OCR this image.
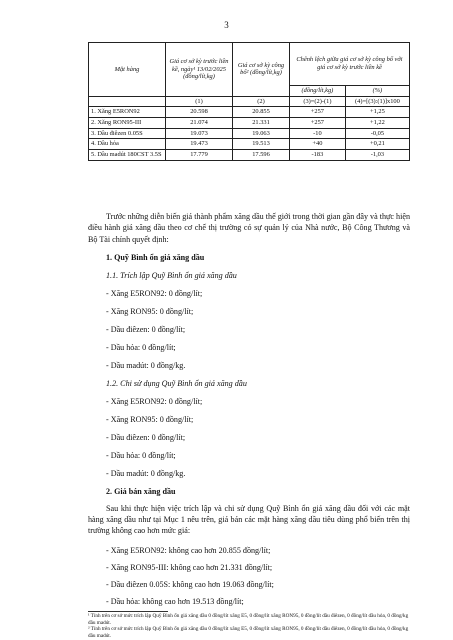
3
Mặt hàng	Giá cơ sở kỳ trước liền kề, ngày¹ 13/02/2025 (đồng/lít,kg)	Giá cơ sở kỳ công bố² (đồng/lít,kg)	Chênh lệch giữa giá cơ sở kỳ công bố với giá cơ sở kỳ trước liền kề	
			(đồng/lít,kg)	(%)
	(1)	(2)	(3)=(2)-(1)	(4)=[(3):(1)]x100
1. Xăng E5RON92	20.598	20.855	+257	+1,25
2. Xăng RON95-III	21.074	21.331	+257	+1,22
3. Dầu điêzen 0.05S	19.073	19.063	-10	-0,05
4. Dầu hỏa	19.473	19.513	+40	+0,21
5. Dầu madút 180CST 3.5S	17.779	17.596	-183	-1,03
Trước những diễn biến giá thành phẩm xăng dầu thế giới trong thời gian gần đây và thực hiện điều hành giá xăng dầu theo cơ chế thị trường có sự quản lý của Nhà nước, Bộ Công Thương và Bộ Tài chính quyết định:
1. Quỹ Bình ổn giá xăng dầu
1.1. Trích lập Quỹ Bình ổn giá xăng dầu
- Xăng E5RON92: 0 đồng/lít;
- Xăng RON95: 0 đồng/lít;
- Dầu điêzen: 0 đồng/lít;
- Dầu hỏa: 0 đồng/lít;
- Dầu madút: 0 đồng/kg.
1.2. Chi sử dụng Quỹ Bình ổn giá xăng dầu
- Xăng E5RON92: 0 đồng/lít;
- Xăng RON95: 0 đồng/lít;
- Dầu điêzen: 0 đồng/lít;
- Dầu hỏa: 0 đồng/lít;
- Dầu madút: 0 đồng/kg.
2. Giá bán xăng dầu
Sau khi thực hiện việc trích lập và chi sử dụng Quỹ Bình ổn giá xăng dầu đối với các mặt hàng xăng dầu như tại Mục 1 nêu trên, giá bán các mặt hàng xăng dầu tiêu dùng phổ biến trên thị trường không cao hơn mức giá:
- Xăng E5RON92: không cao hơn 20.855 đồng/lít;
- Xăng RON95-III: không cao hơn 21.331 đồng/lít;
- Dầu điêzen 0.05S: không cao hơn 19.063 đồng/lít;
- Dầu hỏa: không cao hơn 19.513 đồng/lít;
¹ Tính trên cơ sở mức trích lập Quỹ Bình ổn giá xăng dầu 0 đồng/lít xăng E5, 0 đồng/lít xăng RON95, 0 đồng/lít dầu điêzen, 0 đồng/lít dầu hỏa, 0 đồng/kg dầu madút.
² Tính trên cơ sở mức trích lập Quỹ Bình ổn giá xăng dầu 0 đồng/lít xăng E5, 0 đồng/lít xăng RON95, 0 đồng/lít dầu điêzen, 0 đồng/lít dầu hỏa, 0 đồng/kg dầu madút.
